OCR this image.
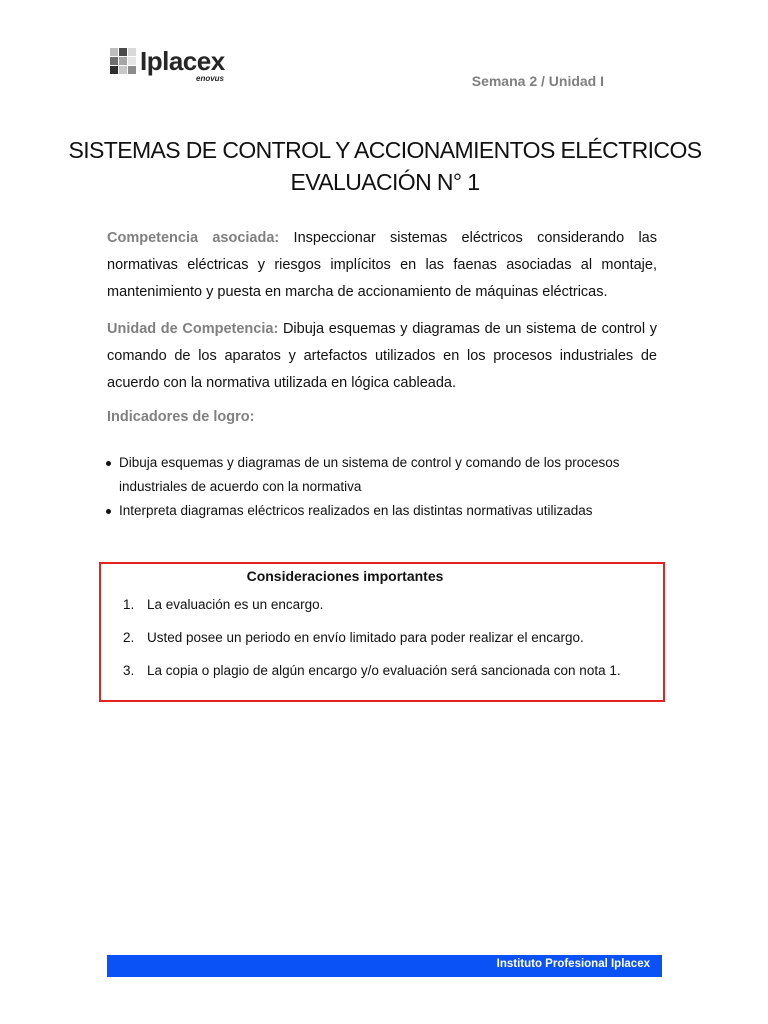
Iplacex
enovus	Semana 2 / Unidad I
SISTEMAS DE CONTROL Y ACCIONAMIENTOS ELÉCTRICOS
EVALUACIÓN N° 1
Competencia asociada: Inspeccionar sistemas eléctricos considerando las normativas eléctricas y riesgos implícitos en las faenas asociadas al montaje, mantenimiento y puesta en marcha de accionamiento de máquinas eléctricas.
Unidad de Competencia: Dibuja esquemas y diagramas de un sistema de control y comando de los aparatos y artefactos utilizados en los procesos industriales de acuerdo con la normativa utilizada en lógica cableada.
Indicadores de logro:
Dibuja esquemas y diagramas de un sistema de control y comando de los procesos industriales de acuerdo con la normativa
Interpreta diagramas eléctricos realizados en las distintas normativas utilizadas
Consideraciones importantes
1. La evaluación es un encargo.
2. Usted posee un periodo en envío limitado para poder realizar el encargo.
3. La copia o plagio de algún encargo y/o evaluación será sancionada con nota 1.
Instituto Profesional Iplacex
